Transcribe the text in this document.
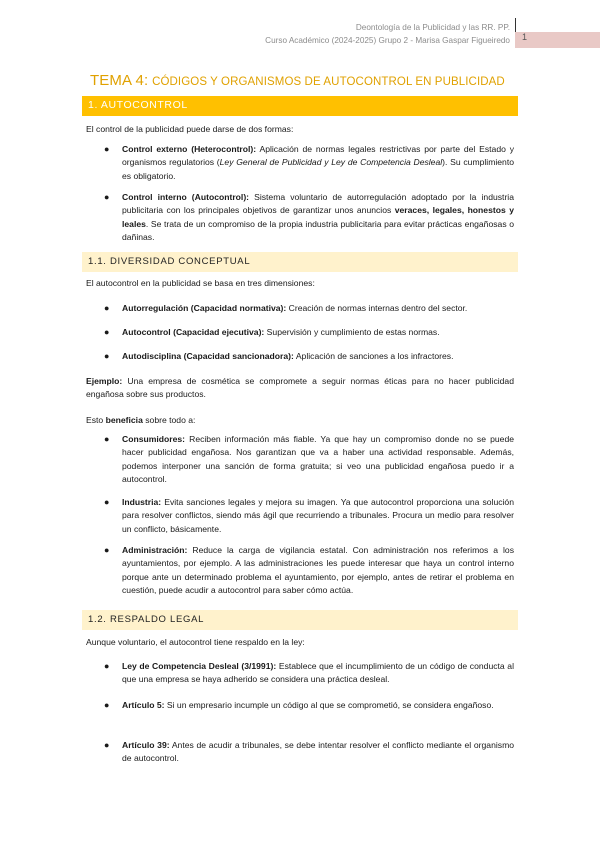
Deontología de la Publicidad y las RR. PP.
Curso Académico (2024-2025) Grupo 2 - Marisa Gaspar Figueiredo 1
TEMA 4: CÓDIGOS Y ORGANISMOS DE AUTOCONTROL EN PUBLICIDAD
1. AUTOCONTROL
El control de la publicidad puede darse de dos formas:
● Control externo (Heterocontrol): Aplicación de normas legales restrictivas por parte del Estado y organismos regulatorios (Ley General de Publicidad y Ley de Competencia Desleal). Su cumplimiento es obligatorio.
● Control interno (Autocontrol): Sistema voluntario de autorregulación adoptado por la industria publicitaria con los principales objetivos de garantizar unos anuncios veraces, legales, honestos y leales. Se trata de un compromiso de la propia industria publicitaria para evitar prácticas engañosas o dañinas.
1.1. DIVERSIDAD CONCEPTUAL
El autocontrol en la publicidad se basa en tres dimensiones:
● Autorregulación (Capacidad normativa): Creación de normas internas dentro del sector.
● Autocontrol (Capacidad ejecutiva): Supervisión y cumplimiento de estas normas.
● Autodisciplina (Capacidad sancionadora): Aplicación de sanciones a los infractores.
Ejemplo: Una empresa de cosmética se compromete a seguir normas éticas para no hacer publicidad engañosa sobre sus productos.
Esto beneficia sobre todo a:
● Consumidores: Reciben información más fiable. Ya que hay un compromiso donde no se puede hacer publicidad engañosa. Nos garantizan que va a haber una actividad responsable. Además, podemos interponer una sanción de forma gratuita; si veo una publicidad engañosa puedo ir a autocontrol.
● Industria: Evita sanciones legales y mejora su imagen. Ya que autocontrol proporciona una solución para resolver conflictos, siendo más ágil que recurriendo a tribunales. Procura un medio para resolver un conflicto, básicamente.
● Administración: Reduce la carga de vigilancia estatal. Con administración nos referimos a los ayuntamientos, por ejemplo. A las administraciones les puede interesar que haya un control interno porque ante un determinado problema el ayuntamiento, por ejemplo, antes de retirar el problema en cuestión, puede acudir a autocontrol para saber cómo actúa.
1.2. RESPALDO LEGAL
Aunque voluntario, el autocontrol tiene respaldo en la ley:
● Ley de Competencia Desleal (3/1991): Establece que el incumplimiento de un código de conducta al que una empresa se haya adherido se considera una práctica desleal.
● Artículo 5: Si un empresario incumple un código al que se comprometió, se considera engañoso.
● Artículo 39: Antes de acudir a tribunales, se debe intentar resolver el conflicto mediante el organismo de autocontrol.
